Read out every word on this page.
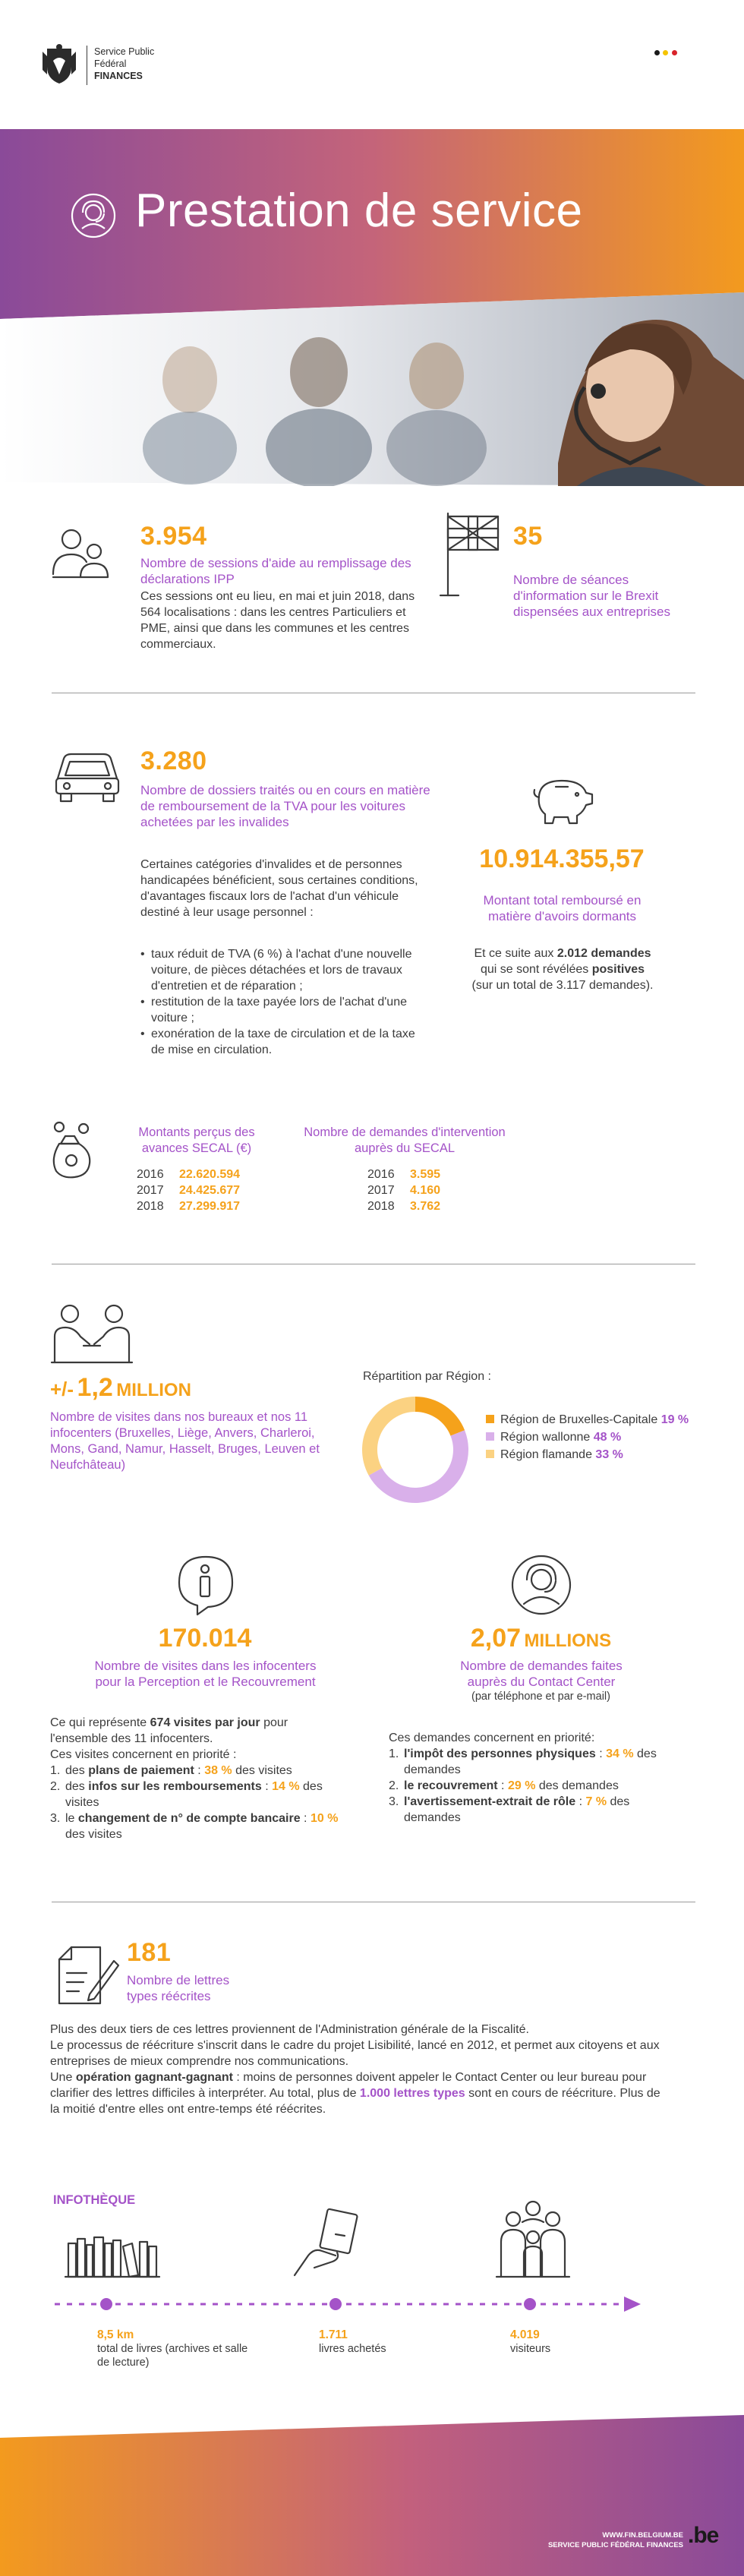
Service Public
Fédéral
FINANCES

Prestation de service
3.954
Nombre de sessions d'aide au remplissage des déclarations IPP
Ces sessions ont eu lieu, en mai et juin 2018, dans 564 localisations : dans les centres Particuliers et PME, ainsi que dans les communes et les centres commerciaux.
35
Nombre de séances d'information sur le Brexit dispensées aux entreprises
3.280
Nombre de dossiers traités ou en cours en matière de remboursement de la TVA pour les voitures achetées par les invalides
Certaines catégories d'invalides et de personnes handicapées bénéficient, sous certaines conditions, d'avantages fiscaux lors de l'achat d'un véhicule destiné à leur usage personnel :
• taux réduit de TVA (6 %) à l'achat d'une nouvelle voiture, de pièces détachées et lors de travaux d'entretien et de réparation ;
• restitution de la taxe payée lors de l'achat d'une voiture ;
• exonération de la taxe de circulation et de la taxe de mise en circulation.
10.914.355,57
Montant total remboursé en matière d'avoirs dormants
Et ce suite aux 2.012 demandes
qui se sont révélées positives
(sur un total de 3.117 demandes).
Montants perçus des avances SECAL (€)
2016 22.620.594
2017 24.425.677
2018 27.299.917
Nombre de demandes d'intervention auprès du SECAL
2016 3.595
2017 4.160
2018 3.762
+/- 1,2 MILLION
Nombre de visites dans nos bureaux et nos 11 infocenters (Bruxelles, Liège, Anvers, Charleroi, Mons, Gand, Namur, Hasselt, Bruges, Leuven et Neufchâteau)
Répartition par Région :
Région de Bruxelles-Capitale 19 %
Région wallonne 48 %
Région flamande 33 %
170.014
Nombre de visites dans les infocenters pour la Perception et le Recouvrement
Ce qui représente 674 visites par jour pour l'ensemble des 11 infocenters.
Ces visites concernent en priorité :
1. des plans de paiement : 38 % des visites
2. des infos sur les remboursements : 14 % des visites
3. le changement de n° de compte bancaire : 10 % des visites
2,07 MILLIONS
Nombre de demandes faites auprès du Contact Center
(par téléphone et par e-mail)
Ces demandes concernent en priorité:
1. l'impôt des personnes physiques : 34 % des demandes
2. le recouvrement : 29 % des demandes
3. l'avertissement-extrait de rôle : 7 % des demandes
181
Nombre de lettres types réécrites
Plus des deux tiers de ces lettres proviennent de l'Administration générale de la Fiscalité.
Le processus de réécriture s'inscrit dans le cadre du projet Lisibilité, lancé en 2012, et permet aux citoyens et aux entreprises de mieux comprendre nos communications.
Une opération gagnant-gagnant : moins de personnes doivent appeler le Contact Center ou leur bureau pour clarifier des lettres difficiles à interpréter. Au total, plus de 1.000 lettres types sont en cours de réécriture. Plus de la moitié d'entre elles ont entre-temps été réécrites.
INFOTHÈQUE
8,5 km
total de livres (archives et salle de lecture)
1.711
livres achetés
4.019
visiteurs
WWW.FIN.BELGIUM.BE
SERVICE PUBLIC FÉDÉRAL FINANCES .be
